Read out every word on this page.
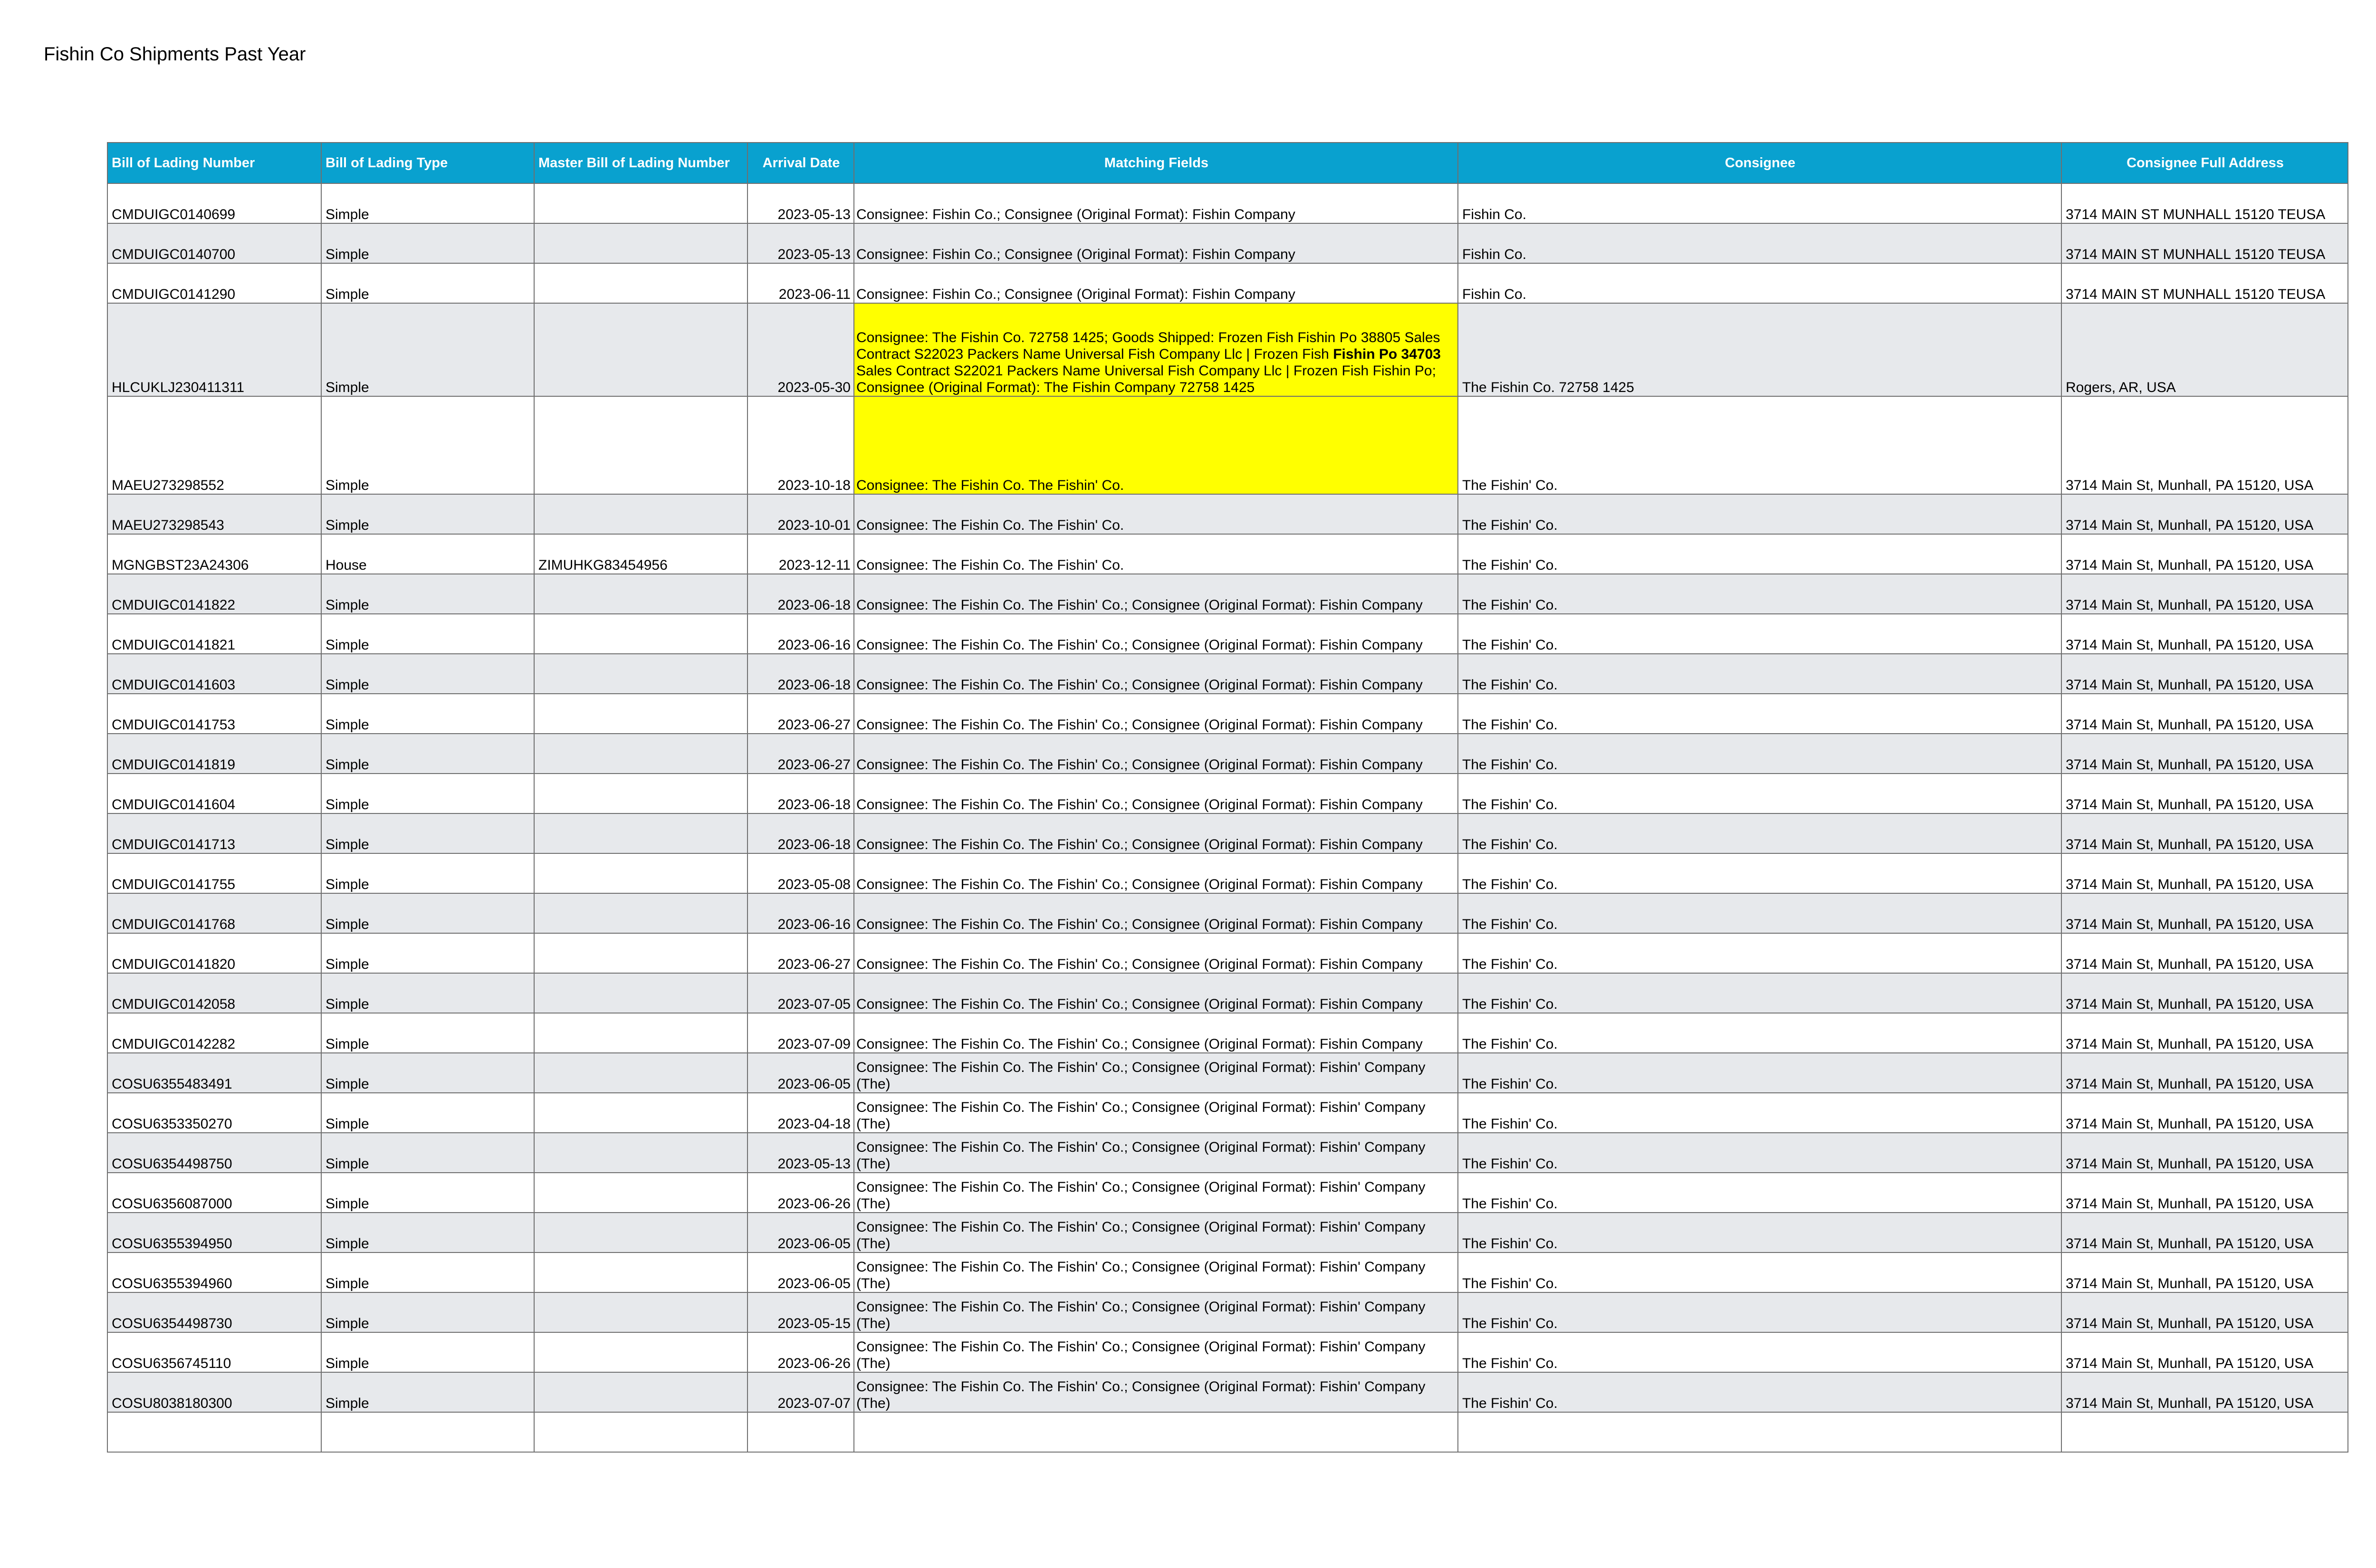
Fishin Co Shipments Past Year
Bill of Lading Number	Bill of Lading Type	Master Bill of Lading Number	Arrival Date	Matching Fields	Consignee	Consignee Full Address
CMDUIGC0140699	Simple		2023-05-13	Consignee: Fishin Co.; Consignee (Original Format): Fishin Company	Fishin Co.	3714 MAIN ST MUNHALL 15120 TEUSA
CMDUIGC0140700	Simple		2023-05-13	Consignee: Fishin Co.; Consignee (Original Format): Fishin Company	Fishin Co.	3714 MAIN ST MUNHALL 15120 TEUSA
CMDUIGC0141290	Simple		2023-06-11	Consignee: Fishin Co.; Consignee (Original Format): Fishin Company	Fishin Co.	3714 MAIN ST MUNHALL 15120 TEUSA
HLCUKLJ230411311	Simple		2023-05-30	Consignee: The Fishin Co. 72758 1425; Goods Shipped: Frozen Fish Fishin Po 38805 Sales Contract S22023 Packers Name Universal Fish Company Llc | Frozen Fish Fishin Po 34703 Sales Contract S22021 Packers Name Universal Fish Company Llc | Frozen Fish Fishin Po; Consignee (Original Format): The Fishin Company 72758 1425	The Fishin Co. 72758 1425	Rogers, AR, USA
MAEU273298552	Simple		2023-10-18	Consignee: The Fishin Co. The Fishin' Co.	The Fishin' Co.	3714 Main St, Munhall, PA 15120, USA
MAEU273298543	Simple		2023-10-01	Consignee: The Fishin Co. The Fishin' Co.	The Fishin' Co.	3714 Main St, Munhall, PA 15120, USA
MGNGBST23A24306	House	ZIMUHKG83454956	2023-12-11	Consignee: The Fishin Co. The Fishin' Co.	The Fishin' Co.	3714 Main St, Munhall, PA 15120, USA
CMDUIGC0141822	Simple		2023-06-18	Consignee: The Fishin Co. The Fishin' Co.; Consignee (Original Format): Fishin Company	The Fishin' Co.	3714 Main St, Munhall, PA 15120, USA
CMDUIGC0141821	Simple		2023-06-16	Consignee: The Fishin Co. The Fishin' Co.; Consignee (Original Format): Fishin Company	The Fishin' Co.	3714 Main St, Munhall, PA 15120, USA
CMDUIGC0141603	Simple		2023-06-18	Consignee: The Fishin Co. The Fishin' Co.; Consignee (Original Format): Fishin Company	The Fishin' Co.	3714 Main St, Munhall, PA 15120, USA
CMDUIGC0141753	Simple		2023-06-27	Consignee: The Fishin Co. The Fishin' Co.; Consignee (Original Format): Fishin Company	The Fishin' Co.	3714 Main St, Munhall, PA 15120, USA
CMDUIGC0141819	Simple		2023-06-27	Consignee: The Fishin Co. The Fishin' Co.; Consignee (Original Format): Fishin Company	The Fishin' Co.	3714 Main St, Munhall, PA 15120, USA
CMDUIGC0141604	Simple		2023-06-18	Consignee: The Fishin Co. The Fishin' Co.; Consignee (Original Format): Fishin Company	The Fishin' Co.	3714 Main St, Munhall, PA 15120, USA
CMDUIGC0141713	Simple		2023-06-18	Consignee: The Fishin Co. The Fishin' Co.; Consignee (Original Format): Fishin Company	The Fishin' Co.	3714 Main St, Munhall, PA 15120, USA
CMDUIGC0141755	Simple		2023-05-08	Consignee: The Fishin Co. The Fishin' Co.; Consignee (Original Format): Fishin Company	The Fishin' Co.	3714 Main St, Munhall, PA 15120, USA
CMDUIGC0141768	Simple		2023-06-16	Consignee: The Fishin Co. The Fishin' Co.; Consignee (Original Format): Fishin Company	The Fishin' Co.	3714 Main St, Munhall, PA 15120, USA
CMDUIGC0141820	Simple		2023-06-27	Consignee: The Fishin Co. The Fishin' Co.; Consignee (Original Format): Fishin Company	The Fishin' Co.	3714 Main St, Munhall, PA 15120, USA
CMDUIGC0142058	Simple		2023-07-05	Consignee: The Fishin Co. The Fishin' Co.; Consignee (Original Format): Fishin Company	The Fishin' Co.	3714 Main St, Munhall, PA 15120, USA
CMDUIGC0142282	Simple		2023-07-09	Consignee: The Fishin Co. The Fishin' Co.; Consignee (Original Format): Fishin Company	The Fishin' Co.	3714 Main St, Munhall, PA 15120, USA
COSU6355483491	Simple		2023-06-05	Consignee: The Fishin Co. The Fishin' Co.; Consignee (Original Format): Fishin' Company (The)	The Fishin' Co.	3714 Main St, Munhall, PA 15120, USA
COSU6353350270	Simple		2023-04-18	Consignee: The Fishin Co. The Fishin' Co.; Consignee (Original Format): Fishin' Company (The)	The Fishin' Co.	3714 Main St, Munhall, PA 15120, USA
COSU6354498750	Simple		2023-05-13	Consignee: The Fishin Co. The Fishin' Co.; Consignee (Original Format): Fishin' Company (The)	The Fishin' Co.	3714 Main St, Munhall, PA 15120, USA
COSU6356087000	Simple		2023-06-26	Consignee: The Fishin Co. The Fishin' Co.; Consignee (Original Format): Fishin' Company (The)	The Fishin' Co.	3714 Main St, Munhall, PA 15120, USA
COSU6355394950	Simple		2023-06-05	Consignee: The Fishin Co. The Fishin' Co.; Consignee (Original Format): Fishin' Company (The)	The Fishin' Co.	3714 Main St, Munhall, PA 15120, USA
COSU6355394960	Simple		2023-06-05	Consignee: The Fishin Co. The Fishin' Co.; Consignee (Original Format): Fishin' Company (The)	The Fishin' Co.	3714 Main St, Munhall, PA 15120, USA
COSU6354498730	Simple		2023-05-15	Consignee: The Fishin Co. The Fishin' Co.; Consignee (Original Format): Fishin' Company (The)	The Fishin' Co.	3714 Main St, Munhall, PA 15120, USA
COSU6356745110	Simple		2023-06-26	Consignee: The Fishin Co. The Fishin' Co.; Consignee (Original Format): Fishin' Company (The)	The Fishin' Co.	3714 Main St, Munhall, PA 15120, USA
COSU8038180300	Simple		2023-07-07	Consignee: The Fishin Co. The Fishin' Co.; Consignee (Original Format): Fishin' Company (The)	The Fishin' Co.	3714 Main St, Munhall, PA 15120, USA
